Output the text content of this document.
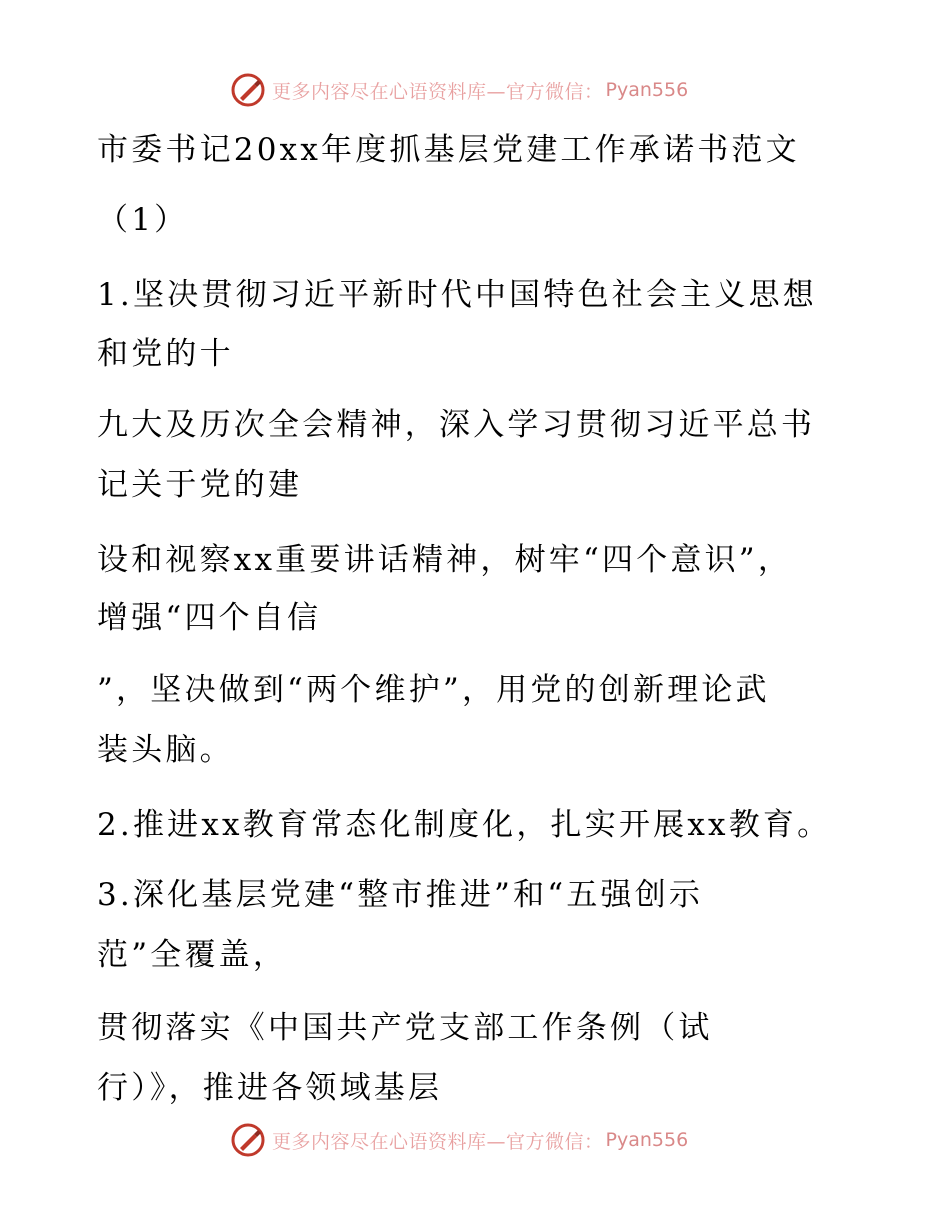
更多内容尽在心语资料库—官方微信： Pyan556
市委书记20xx年度抓基层党建工作承诺书范文
（1）
1.坚决贯彻习近平新时代中国特色社会主义思想
和党的十
九大及历次全会精神，深入学习贯彻习近平总书
记关于党的建
设和视察xx重要讲话精神，树牢“四个意识”，
增强“四个自信
”，坚决做到“两个维护”，用党的创新理论武
装头脑。
2.推进xx教育常态化制度化，扎实开展xx教育。
3.深化基层党建“整市推进”和“五强创示
范”全覆盖，
贯彻落实《中国共产党支部工作条例（试
行）》，推进各领域基层
更多内容尽在心语资料库—官方微信： Pyan556
